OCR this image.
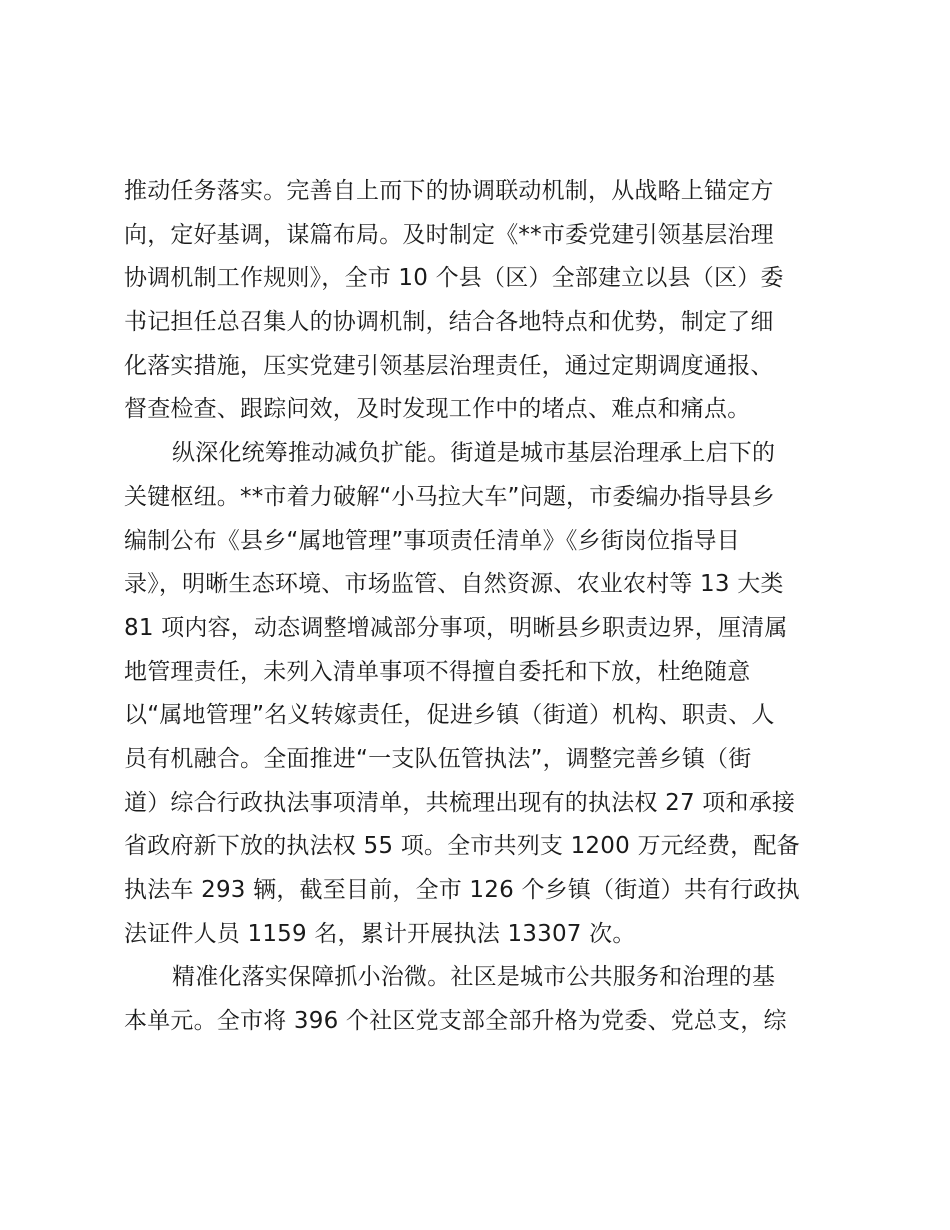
推动任务落实。完善自上而下的协调联动机制，从战略上锚定方
向，定好基调，谋篇布局。及时制定《**市委党建引领基层治理
协调机制工作规则》，全市 10 个县（区）全部建立以县（区）委
书记担任总召集人的协调机制，结合各地特点和优势，制定了细
化落实措施，压实党建引领基层治理责任，通过定期调度通报、
督查检查、跟踪问效，及时发现工作中的堵点、难点和痛点。
纵深化统筹推动减负扩能。街道是城市基层治理承上启下的
关键枢纽。**市着力破解“小马拉大车”问题，市委编办指导县乡
编制公布《县乡“属地管理”事项责任清单》《乡街岗位指导目
录》，明晰生态环境、市场监管、自然资源、农业农村等 13 大类
81 项内容，动态调整增减部分事项，明晰县乡职责边界，厘清属
地管理责任，未列入清单事项不得擅自委托和下放，杜绝随意
以“属地管理”名义转嫁责任，促进乡镇（街道）机构、职责、人
员有机融合。全面推进“一支队伍管执法”，调整完善乡镇（街
道）综合行政执法事项清单，共梳理出现有的执法权 27 项和承接
省政府新下放的执法权 55 项。全市共列支 1200 万元经费，配备
执法车 293 辆，截至目前，全市 126 个乡镇（街道）共有行政执
法证件人员 1159 名，累计开展执法 13307 次。
精准化落实保障抓小治微。社区是城市公共服务和治理的基
本单元。全市将 396 个社区党支部全部升格为党委、党总支，综
